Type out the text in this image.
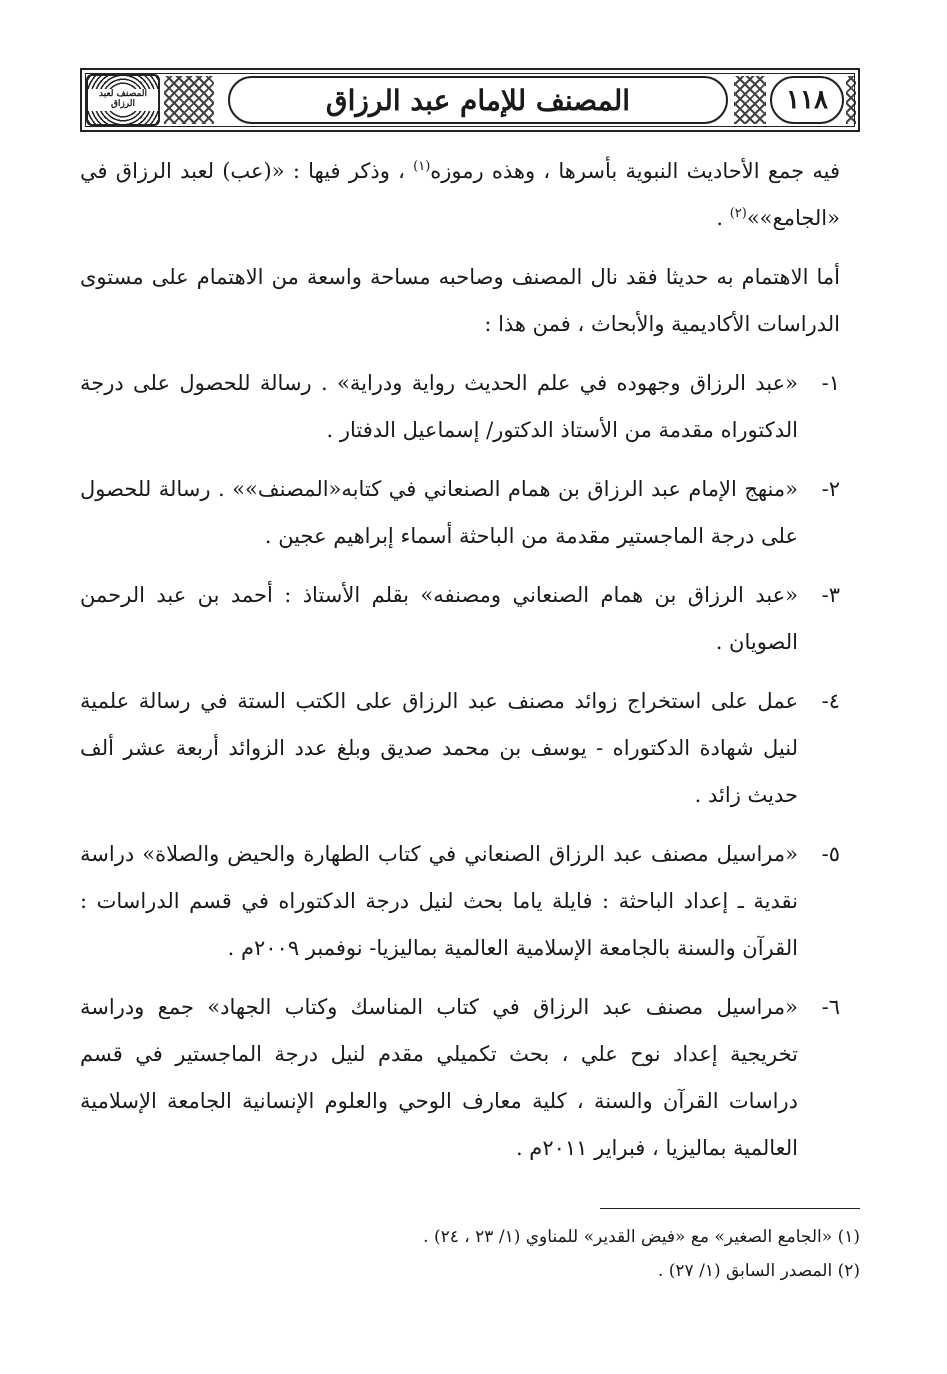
المصنف لعبد الرزاق	المصنف للإمام عبد الرزاق	١١٨

فيه جمع الأحاديث النبوية بأسرها ، وهذه رموزه$^{(١)}$ ، وذكر فيها : «(عب) لعبد الرزاق في «الجامع»»$^{(٢)}$ .

أما الاهتمام به حديثا فقد نال المصنف وصاحبه مساحة واسعة من الاهتمام على مستوى الدراسات الأكاديمية والأبحاث ، فمن هذا :

١-
«عبد الرزاق وجهوده في علم الحديث رواية ودراية» . رسالة للحصول على درجة الدكتوراه مقدمة من الأستاذ الدكتور/ إسماعيل الدفتار .
٢-
«منهج الإمام عبد الرزاق بن همام الصنعاني في كتابه«المصنف»» . رسالة للحصول على درجة الماجستير مقدمة من الباحثة أسماء إبراهيم عجين .
٣-
«عبد الرزاق بن همام الصنعاني ومصنفه» بقلم الأستاذ : أحمد بن عبد الرحمن الصويان .
٤-
عمل على استخراج زوائد مصنف عبد الرزاق على الكتب الستة في رسالة علمية لنيل شهادة الدكتوراه - يوسف بن محمد صديق وبلغ عدد الزوائد أربعة عشر ألف حديث زائد .
٥-
«مراسيل مصنف عبد الرزاق الصنعاني في كتاب الطهارة والحيض والصلاة» دراسة نقدية ـ إعداد الباحثة : فايلة ياما بحث لنيل درجة الدكتوراه في قسم الدراسات : القرآن والسنة بالجامعة الإسلامية العالمية بماليزيا- نوفمبر ٢٠٠٩م .
٦-
«مراسيل مصنف عبد الرزاق في كتاب المناسك وكتاب الجهاد» جمع ودراسة تخريجية إعداد نوح علي ، بحث تكميلي مقدم لنيل درجة الماجستير في قسم دراسات القرآن والسنة ، كلية معارف الوحي والعلوم الإنسانية الجامعة الإسلامية العالمية بماليزيا ، فبراير ٢٠١١م .

(١) «الجامع الصغير» مع «فيض القدير» للمناوي (١/ ٢٣ ، ٢٤) .

(٢) المصدر السابق (١/ ٢٧) .
